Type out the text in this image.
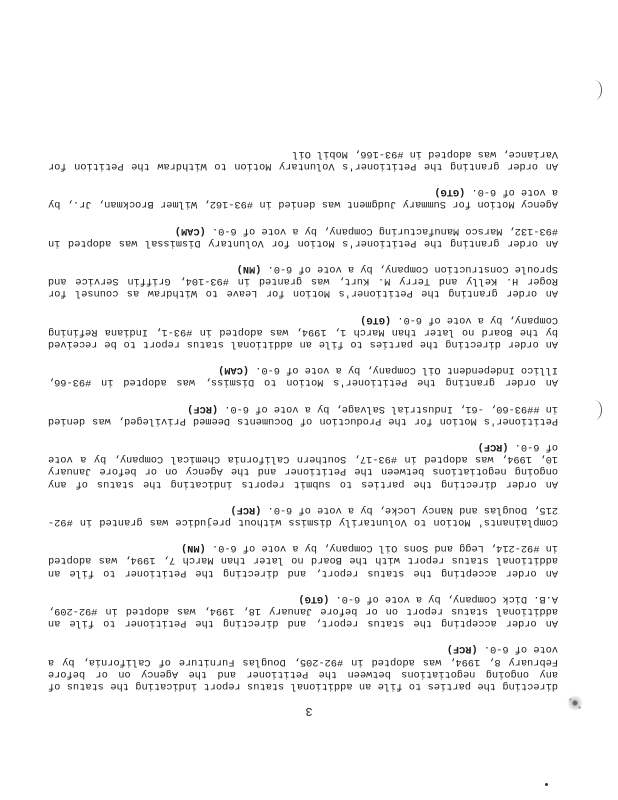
3

directing the parties to file an additional status report indicating the status of any ongoing negotiations between the Petitioner and the Agency on or before February 8, 1994, was adopted in #92-205, Douglas Furniture of California, by a vote of 6-0. (RCF)

An order accepting the status report, and directing the Petitioner to file an additional status report on or before January 18, 1994, was adopted in #92-209, A.B. Dick Company, by a vote of 6-0. (GTG)

An order accepting the status report, and directing the Petitioner to file an additional status report with the Board no later than March 7, 1994, was adopted in #92-214, Legg and Sons Oil Company, by a vote of 6-0. (MN)

Complainants' Motion to Voluntarily dismiss without prejudice was granted in #92-215, Douglas and Nancy Locke, by a vote of 6-0. (RCF)

An order directing the parties to submit reports indicating the status of any ongoing negotiations between the Petitioner and the Agency on or before January 10, 1994, was adopted in #93-17, Southern California Chemical Company, by a vote of 6-0. (RCF)

Petitioner's Motion for the Production of Documents Deemed Privileged, was denied in ##93-60, -61, Industrial Salvage, by a vote of 6-0. (RCF)

An order granting the Petitioner's Motion to Dismiss, was adopted in #93-66, Illico Independent Oil Company, by a vote of 6-0. (CAM)

An order directing the parties to file an additional status report to be received by the Board no later than March 1, 1994, was adopted in #93-1, Indiana Refining Company, by a vote of 6-0. (GTG)

An order granting the Petitioner's Motion for Leave to Withdraw as counsel for Roger H. Kelly and Terry M. Kurt, was granted in #93-104, Griffin Service and Sproule Construction Company, by a vote of 6-0. (MN)

An order granting the Petitioner's Motion for Voluntary Dismissal was adopted in #93-132, Marsco Manufacturing Company, by a vote of 6-0. (CAM)

Agency Motion for Summary Judgment was denied in #93-162, Wilmer Brockman, Jr., by a vote of 6-0. (GTG)

An order granting the Petitioner's Voluntary Motion to Withdraw the Petition for Variance, was adopted in #93-166, Mobil Oil
